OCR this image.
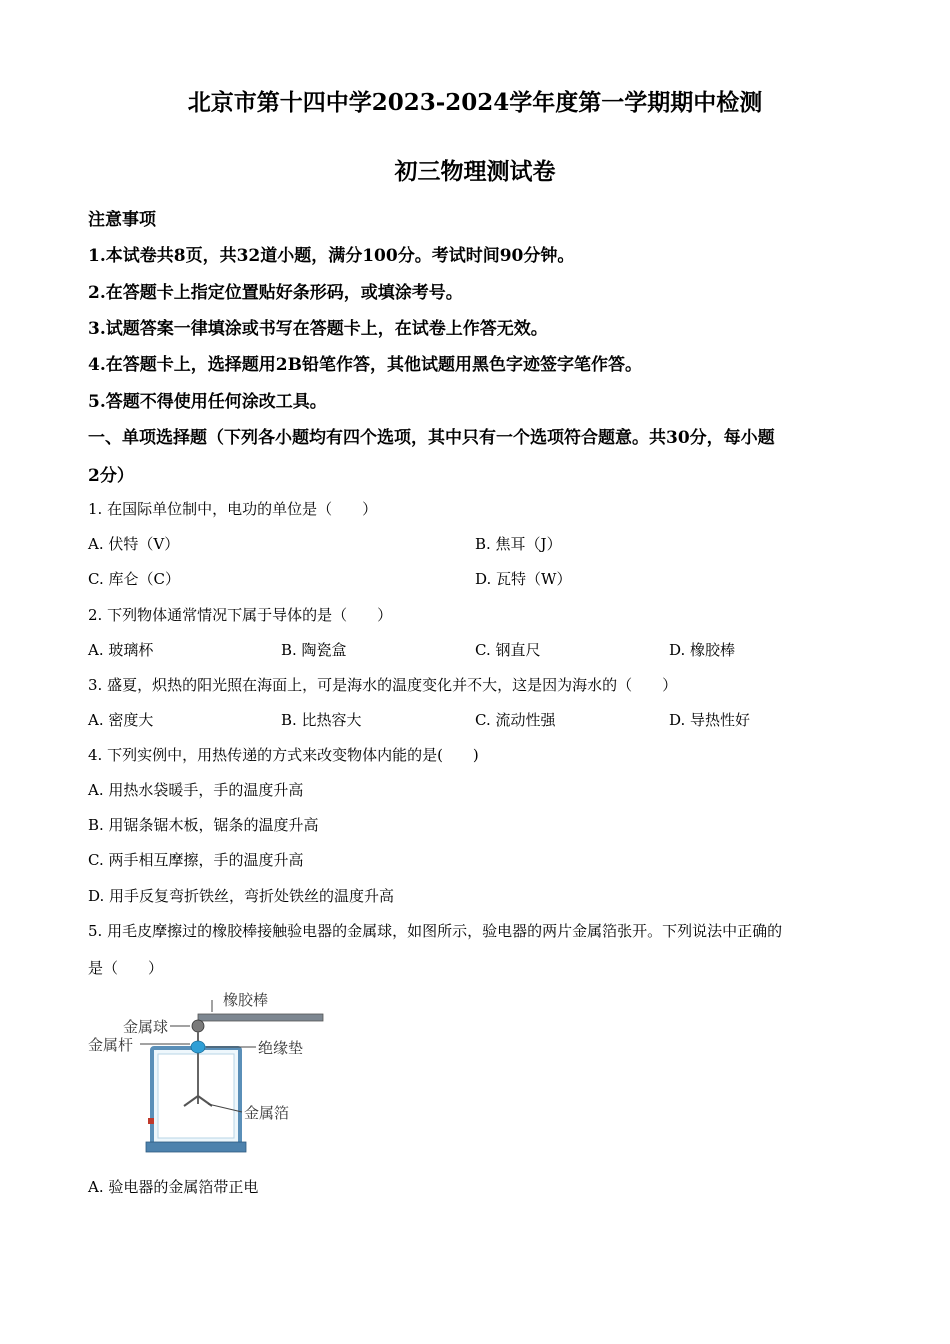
北京市第十四中学2023-2024学年度第一学期期中检测
初三物理测试卷
注意事项
1.本试卷共8页，共32道小题，满分100分。考试时间90分钟。
2.在答题卡上指定位置贴好条形码，或填涂考号。
3.试题答案一律填涂或书写在答题卡上，在试卷上作答无效。
4.在答题卡上，选择题用2B铅笔作答，其他试题用黑色字迹签字笔作答。
5.答题不得使用任何涂改工具。
一、单项选择题（下列各小题均有四个选项，其中只有一个选项符合题意。共30分，每小题
2分）
1. 在国际单位制中，电功的单位是（　　）
A. 伏特（V）	B. 焦耳（J）
C. 库仑（C）	D. 瓦特（W）
2. 下列物体通常情况下属于导体的是（　　）
A. 玻璃杯	B. 陶瓷盒	C. 钢直尺	D. 橡胶棒
3. 盛夏，炽热的阳光照在海面上，可是海水的温度变化并不大，这是因为海水的（　　）
A. 密度大	B. 比热容大	C. 流动性强	D. 导热性好
4. 下列实例中，用热传递的方式来改变物体内能的是(　　)
A. 用热水袋暖手，手的温度升高
B. 用锯条锯木板，锯条的温度升高
C. 两手相互摩擦，手的温度升高
D. 用手反复弯折铁丝，弯折处铁丝的温度升高
5. 用毛皮摩擦过的橡胶棒接触验电器的金属球，如图所示，验电器的两片金属箔张开。下列说法中正确的
是（　　）
橡胶棒
金属球
金属杆	绝缘垫
金属箔
A. 验电器的金属箔带正电
